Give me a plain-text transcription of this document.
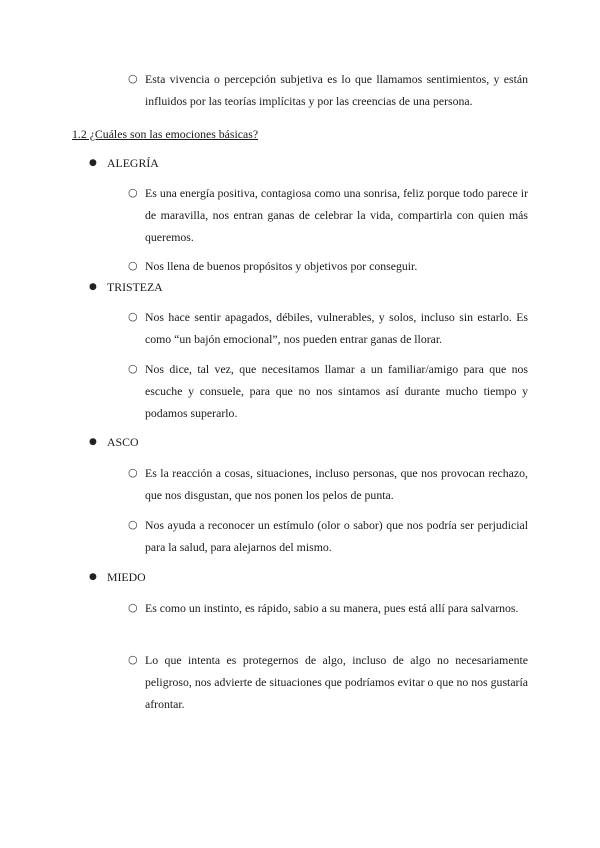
○ Esta vivencia o percepción subjetiva es lo que llamamos sentimientos, y están influidos por las teorías implícitas y por las creencias de una persona.
1.2 ¿Cuáles son las emociones básicas?
● ALEGRÍA
○ Es una energía positiva, contagiosa como una sonrisa, feliz porque todo parece ir de maravilla, nos entran ganas de celebrar la vida, compartirla con quien más queremos.
○ Nos llena de buenos propósitos y objetivos por conseguir.
● TRISTEZA
○ Nos hace sentir apagados, débiles, vulnerables, y solos, incluso sin estarlo. Es como “un bajón emocional”, nos pueden entrar ganas de llorar.
○ Nos dice, tal vez, que necesitamos llamar a un familiar/amigo para que nos escuche y consuele, para que no nos sintamos así durante mucho tiempo y podamos superarlo.
● ASCO
○ Es la reacción a cosas, situaciones, incluso personas, que nos provocan rechazo, que nos disgustan, que nos ponen los pelos de punta.
○ Nos ayuda a reconocer un estímulo (olor o sabor) que nos podría ser perjudicial para la salud, para alejarnos del mismo.
● MIEDO
○ Es como un instinto, es rápido, sabio a su manera, pues está allí para salvarnos.
○ Lo que intenta es protegernos de algo, incluso de algo no necesariamente peligroso, nos advierte de situaciones que podríamos evitar o que no nos gustaría afrontar.
